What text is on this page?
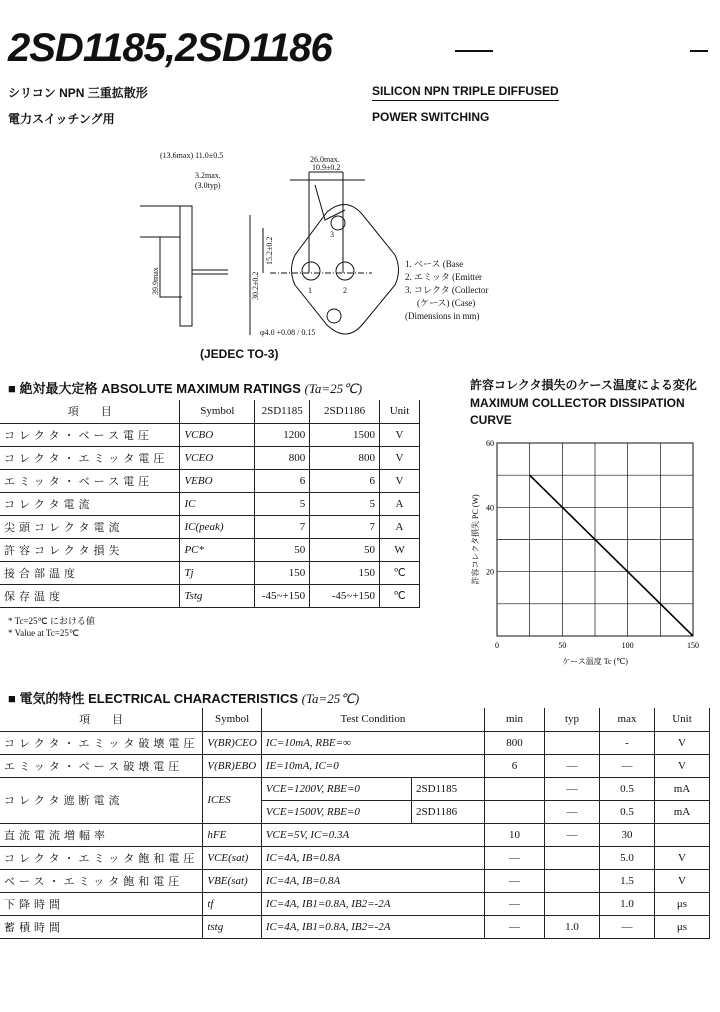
2SD1185,2SD1186
シリコン NPN 三重拡散形
電力スイッチング用
SILICON NPN TRIPLE DIFFUSED
POWER SWITCHING
(13.6max) 11.0±0.5
3.2max.
(3.0typ)
26.0max.
10.9±0.2
15.2±0.2
30.2±0.2
39.9max
φ4.0 +0.08 / 0.15
3
1	2
(JEDEC TO-3)
1. ベース (Base
2. エミッタ (Emitter
3. コレクタ (Collector
(ケース) (Case)
(Dimensions in mm)
■ 絶対最大定格 ABSOLUTE MAXIMUM RATINGS (Ta=25℃)
項　　目	Symbol	2SD1185	2SD1186	Unit
コレクタ・ベース電圧	VCBO	1200	1500	V
コレクタ・エミッタ電圧	VCEO	800	800	V
エミッタ・ベース電圧	VEBO	6	6	V
コレクタ電流	IC	5	5	A
尖頭コレクタ電流	IC(peak)	7	7	A
許容コレクタ損失	PC*	50	50	W
接合部温度	Tj	150	150	℃
保存温度	Tstg	-45~+150	-45~+150	℃
* Tc=25℃ における値
* Value at Tc=25℃
許容コレクタ損失のケース温度による変化
MAXIMUM COLLECTOR DISSIPATION CURVE
0	50	100	150
20
40
60
ケース温度 Tc (℃)
許容コレクタ損失 PC (W)
■ 電気的特性 ELECTRICAL CHARACTERISTICS (Ta=25℃)
項　　目	Symbol	Test Condition		min	typ	max	Unit
コレクタ・エミッタ破壊電圧	V(BR)CEO	IC=10mA, RBE=∞		800		-	V
エミッタ・ベース破壊電圧	V(BR)EBO	IE=10mA, IC=0		6	—	—	V
コレクタ遮断電流	ICES	VCE=1200V, RBE=0	2SD1185		—	0.5	mA
		VCE=1500V, RBE=0	2SD1186		—	0.5	mA
直流電流増幅率	hFE	VCE=5V, IC=0.3A		10	—	30	
コレクタ・エミッタ飽和電圧	VCE(sat)	IC=4A, IB=0.8A		—		5.0	V
ベース・エミッタ飽和電圧	VBE(sat)	IC=4A, IB=0.8A		—		1.5	V
下降時間	tf	IC=4A, IB1=0.8A, IB2=-2A		—		1.0	μs
蓄積時間	tstg	IC=4A, IB1=0.8A, IB2=-2A		—	1.0	—	μs
